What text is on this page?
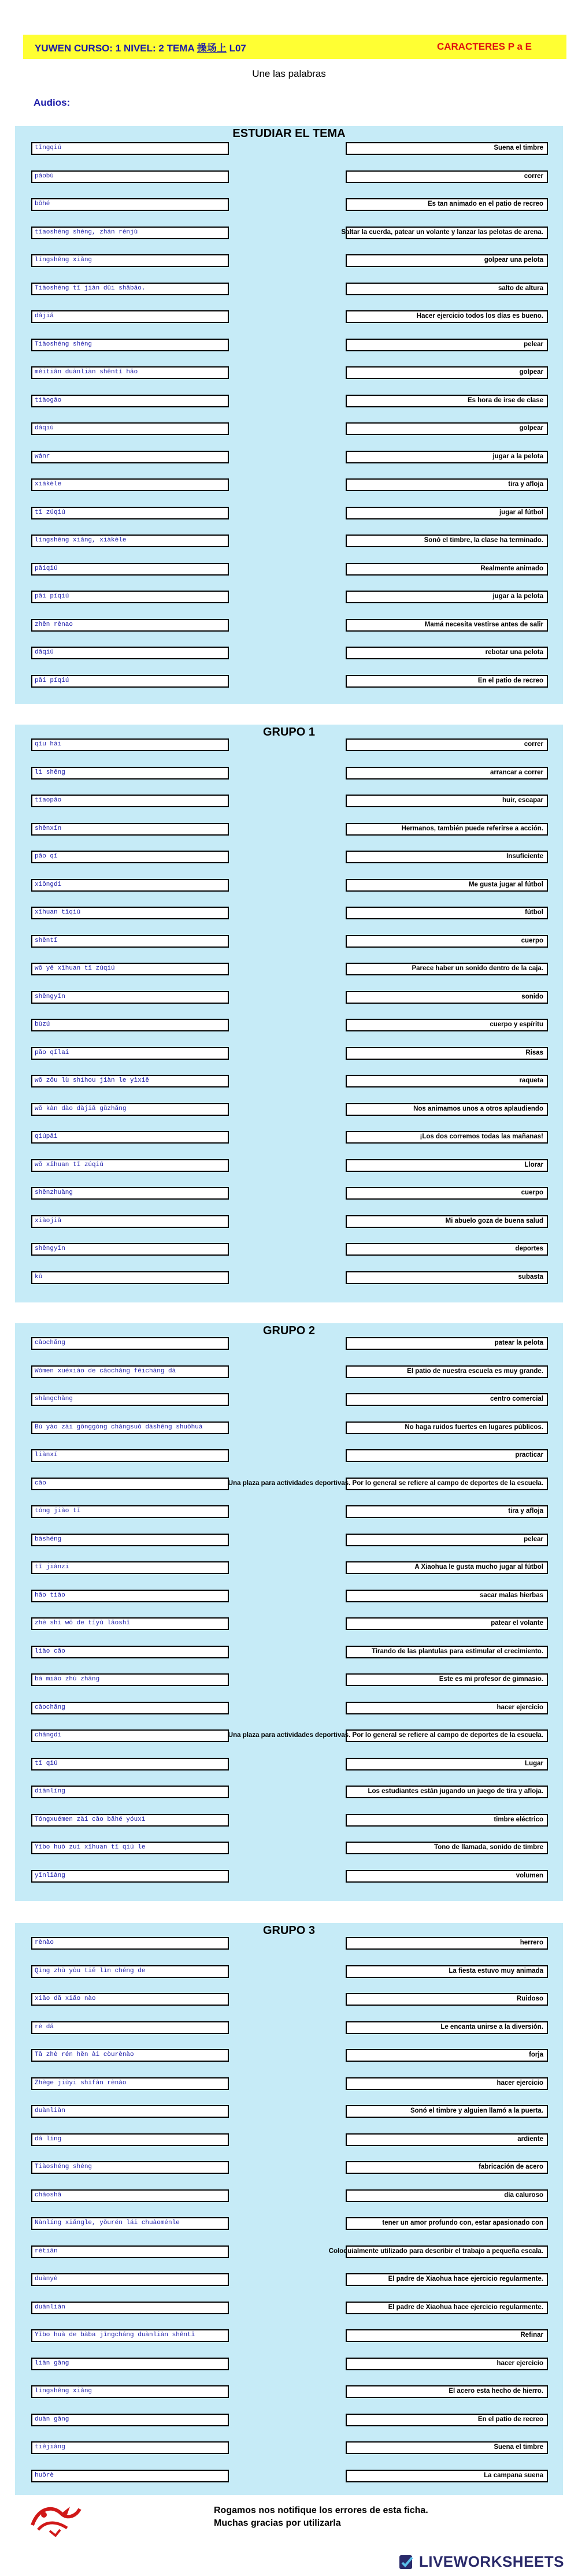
YUWEN CURSO: 1 NIVEL: 2 TEMA 操场上 L07	CARACTERES P a E
Une las palabras
Audios:
ESTUDIAR EL TEMA
tīngqiú	Suena el timbre
pǎobù	correr
bōhé	Es tan animado en el patio de recreo
tīaoshéng shéng, zhán rénjù	Saltar la cuerda, patear un volante y lanzar las pelotas de arena.
língshēng xiǎng	golpear una pelota
Tiàoshéng tī jiàn dǔi shābāo.	salto de altura
dǎjiǎ	Hacer ejercicio todos los días es bueno.
Tiàoshéng shéng	pelear
měitiān duànliàn shēntǐ hǎo	golpear
tiàogāo	Es hora de irse de clase
dǎqiú	golpear
wánr	jugar a la pelota
xiàkèle	tira y afloja
tī zúqiú	jugar al fútbol
língshēng xiǎng, xiàkèle	Sonó el timbre, la clase ha terminado.
pāiqiú	Realmente animado
pāi píqiú	jugar a la pelota
zhēn rènao	Mamá necesita vestirse antes de salir
dǎqiú	rebotar una pelota
pāi píqiú	En el patio de recreo
GRUPO 1
qǐu hái	correr
lì shēng	arrancar a correr
tīaopǎo	huir, escapar
shēnxīn	Hermanos, también puede referirse a acción.
pǎo qǐ	Insuficiente
xiōngdi	Me gusta jugar al fútbol
xǐhuan tīqiú	fútbol
shēntǐ	cuerpo
wǒ yě xǐhuan tī zúqiú	Parece haber un sonido dentro de la caja.
shēngyīn	sonido
bùzú	cuerpo y espíritu
pǎo qǐlai	Risas
wǒ zǒu lù shíhou jiàn le yìxiē	raqueta
wǒ kàn dào dàjiā gǔzhǎng	Nos animamos unos a otros aplaudiendo
qiúpāi	¡Los dos corremos todas las mañanas!
wǒ xǐhuan tī zúqiú	Llorar
shēnzhuàng	cuerpo
xiàojiā	Mi abuelo goza de buena salud
shēngyīn	deportes
kū	subasta
GRUPO 2
cāochǎng	patear la pelota
Wǒmen xuéxiào de cāochǎng fēicháng dà	El patio de nuestra escuela es muy grande.
shāngchǎng	centro comercial
Bù yào zài gōnggòng chǎngsuǒ dàshēng shuōhuà	No haga ruidos fuertes en lugares públicos.
liànxí	practicar
cāo	Una plaza para actividades deportivas. Por lo general se refiere al campo de deportes de la escuela.
tóng jiào tǐ	tira y afloja
bàshéng	pelear
tī jiànzi	A Xiaohua le gusta mucho jugar al fútbol
hǎo tiào	sacar malas hierbas
zhè shì wǒ de tǐyù lǎoshī	patear el volante
liào cǎo	Tirando de las plantulas para estimular el crecimiento.
bá miáo zhù zhǎng	Este es mi profesor de gimnasio.
cāochǎng	hacer ejercicio
chǎngdì	Una plaza para actividades deportivas. Por lo general se refiere al campo de deportes de la escuela.
tī qiú	Lugar
diànlíng	Los estudiantes están jugando un juego de tira y afloja.
Tóngxuémen zài cāo bǎhé yóuxì	timbre eléctrico
Yǐbo huò zuì xǐhuan tī qiú le	Tono de llamada, sonido de timbre
yīnliàng	volumen
GRUPO 3
rènào	herrero
Qìng zhù yòu tiě lìn chéng de	La fiesta estuvo muy animada
xiǎo dǎ xiǎo nào	Ruidoso
rè dǎ	Le encanta unirse a la diversión.
Tā zhè rén hěn ài còurènào	forja
Zhège jiùyi shìfàn rènào	hacer ejercicio
duànliàn	Sonó el timbre y alguien llamó a la puerta.
dǎ líng	ardiente
Tiàoshéng shéng	fabricación de acero
chǎoshā	día caluroso
Nànlíng xiǎngle, yǒurén lái chuàoménle	tener un amor profundo con, estar apasionado con
rètiān	Coloquialmente utilizado para describir el trabajo a pequeña escala.
duànyè	El padre de Xiaohua hace ejercicio regularmente.
duànliàn	El padre de Xiaohua hace ejercicio regularmente.
Yǐbo huà de bàba jīngcháng duànliàn shēntǐ	Refinar
liàn gāng	hacer ejercicio
língshēng xiǎng	El acero esta hecho de hierro.
duàn gāng	En el patio de recreo
tiějiàng	Suena el timbre
huǒrè	La campana suena
Rogamos nos notifique los errores de esta ficha.
Muchas gracias por utilizarla
LIVEWORKSHEETS
